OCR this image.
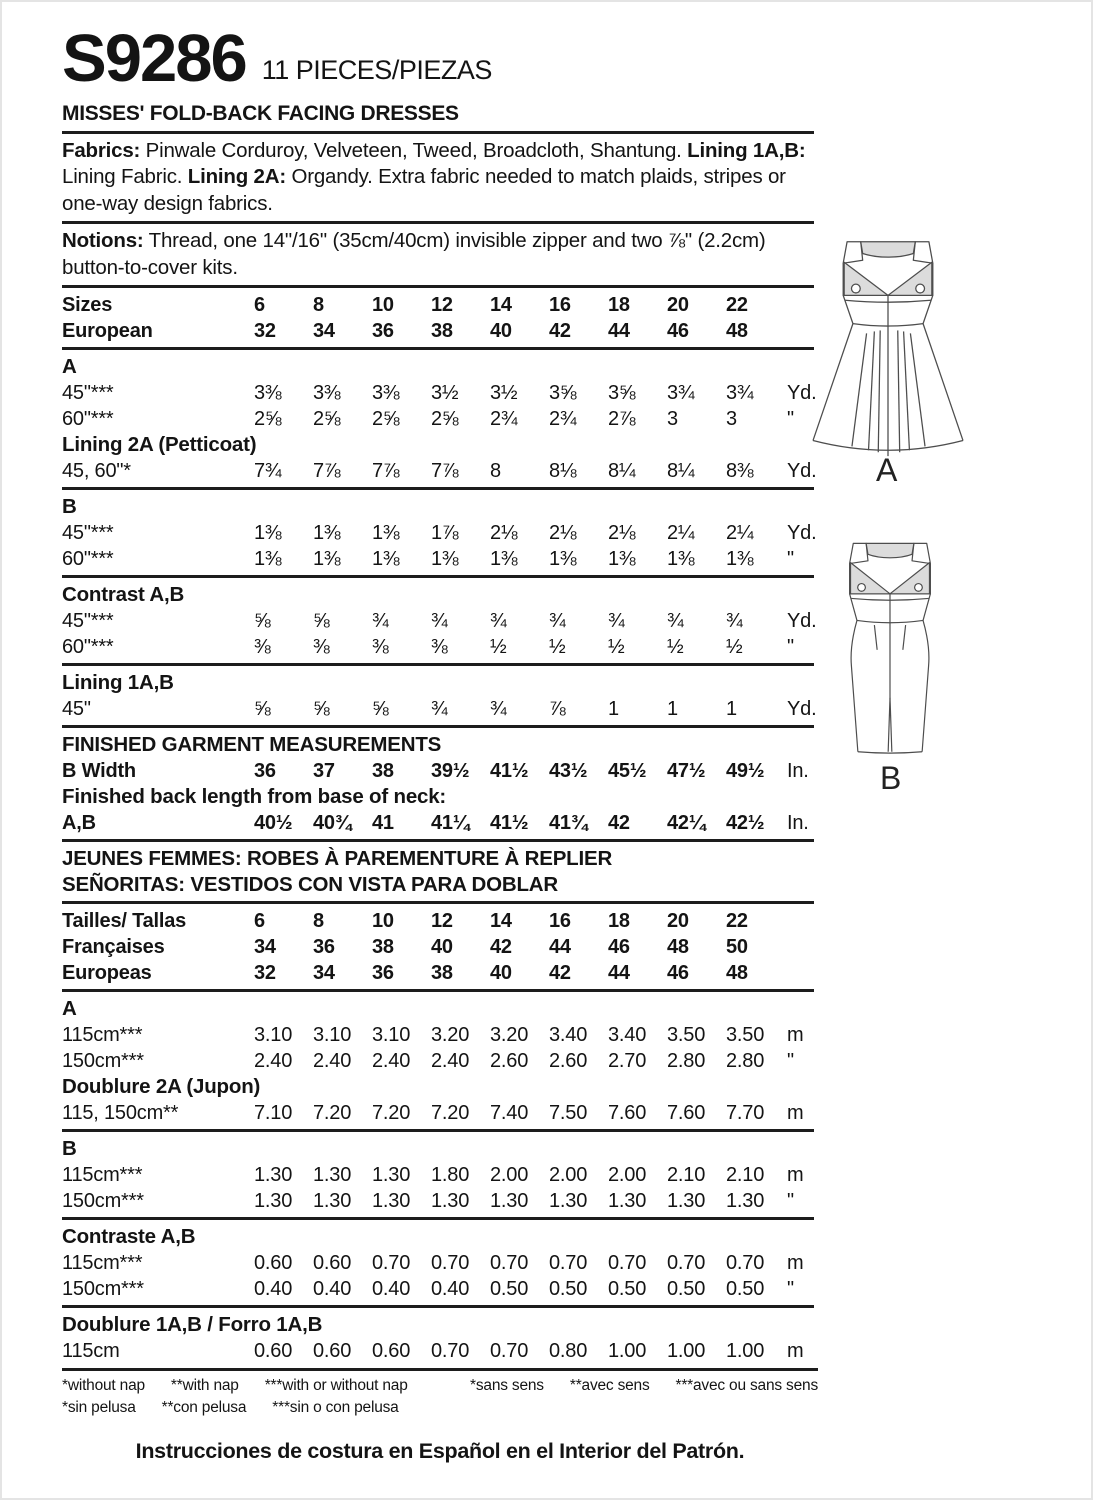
S9286 11 PIECES/PIEZAS
MISSES' FOLD-BACK FACING DRESSES
Fabrics: Pinwale Corduroy, Velveteen, Tweed, Broadcloth, Shantung. Lining 1A,B: Lining Fabric. Lining 2A: Organdy. Extra fabric needed to match plaids, stripes or one-way design fabrics.
Notions: Thread, one 14"/16" (35cm/40cm) invisible zipper and two ⅞" (2.2cm) button-to-cover kits.
Sizes	6	8	10	12	14	16	18	20	22
European	32	34	36	38	40	42	44	46	48
A
45"***	3⅜	3⅜	3⅜	3½	3½	3⅝	3⅝	3¾	3¾	Yd.
60"***	2⅝	2⅝	2⅝	2⅝	2¾	2¾	2⅞	3	3	"
Lining 2A (Petticoat)
45, 60"*	7¾	7⅞	7⅞	7⅞	8	8⅛	8¼	8¼	8⅜	Yd.
B
45"***	1⅜	1⅜	1⅜	1⅞	2⅛	2⅛	2⅛	2¼	2¼	Yd.
60"***	1⅜	1⅜	1⅜	1⅜	1⅜	1⅜	1⅜	1⅜	1⅜	"
Contrast A,B
45"***	⅝	⅝	¾	¾	¾	¾	¾	¾	¾	Yd.
60"***	⅜	⅜	⅜	⅜	½	½	½	½	½	"
Lining 1A,B
45"	⅝	⅝	⅝	¾	¾	⅞	1	1	1	Yd.
FINISHED GARMENT MEASUREMENTS
B Width	36	37	38	39½	41½	43½	45½	47½	49½	In.
Finished back length from base of neck:
A,B	40½	40¾	41	41¼	41½	41¾	42	42¼	42½	In.
JEUNES FEMMES: ROBES À PAREMENTURE À REPLIER
SEÑORITAS: VESTIDOS CON VISTA PARA DOBLAR
Tailles/ Tallas	6	8	10	12	14	16	18	20	22
Françaises	34	36	38	40	42	44	46	48	50
Europeas	32	34	36	38	40	42	44	46	48
A
115cm***	3.10	3.10	3.10	3.20	3.20	3.40	3.40	3.50	3.50	m
150cm***	2.40	2.40	2.40	2.40	2.60	2.60	2.70	2.80	2.80	"
Doublure 2A (Jupon)
115, 150cm**	7.10	7.20	7.20	7.20	7.40	7.50	7.60	7.60	7.70	m
B
115cm***	1.30	1.30	1.30	1.80	2.00	2.00	2.00	2.10	2.10	m
150cm***	1.30	1.30	1.30	1.30	1.30	1.30	1.30	1.30	1.30	"
Contraste A,B
115cm***	0.60	0.60	0.70	0.70	0.70	0.70	0.70	0.70	0.70	m
150cm***	0.40	0.40	0.40	0.40	0.50	0.50	0.50	0.50	0.50	"
Doublure 1A,B / Forro 1A,B
115cm	0.60	0.60	0.60	0.70	0.70	0.80	1.00	1.00	1.00	m
*without nap **with nap ***with or without nap	*sans sens **avec sens ***avec ou sans sens
*sin pelusa **con pelusa ***sin o con pelusa
Instrucciones de costura en Español en el Interior del Patrón.
A
B
